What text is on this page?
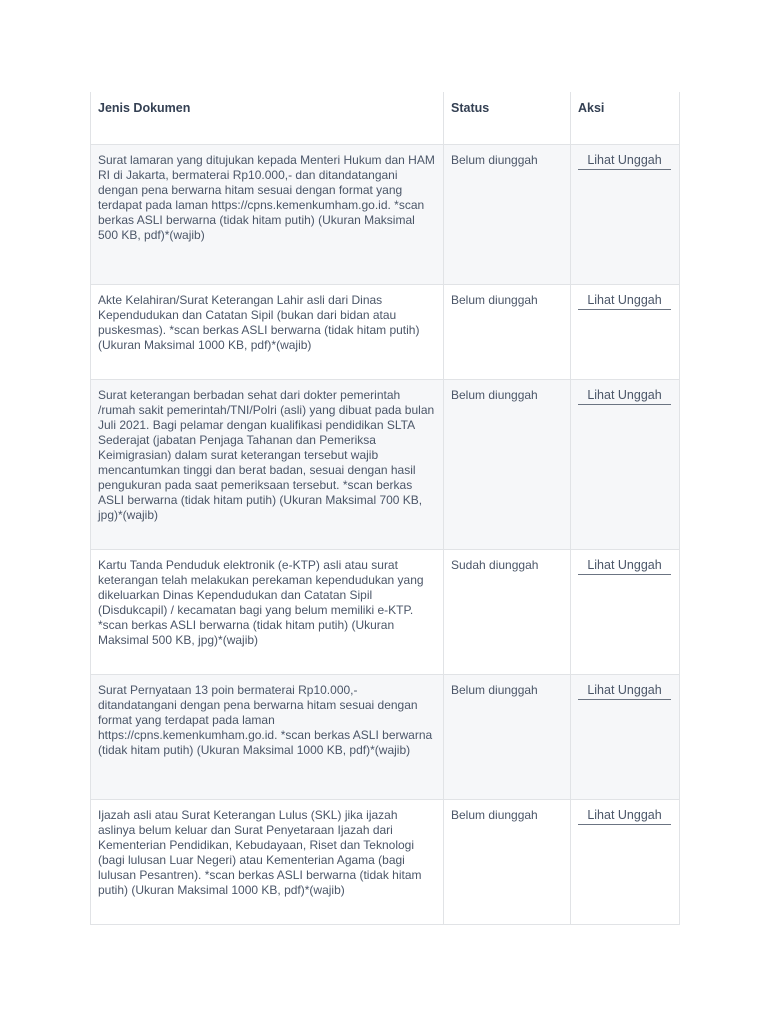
Jenis Dokumen	Status	Aksi
Surat lamaran yang ditujukan kepada Menteri Hukum dan HAM RI di Jakarta, bermaterai Rp10.000,- dan ditandatangani dengan pena berwarna hitam sesuai dengan format yang terdapat pada laman https://cpns.kemenkumham.go.id. *scan berkas ASLI berwarna (tidak hitam putih) (Ukuran Maksimal 500 KB, pdf)*(wajib)	Belum diunggah	Lihat Unggah
Akte Kelahiran/Surat Keterangan Lahir asli dari Dinas Kependudukan dan Catatan Sipil (bukan dari bidan atau puskesmas). *scan berkas ASLI berwarna (tidak hitam putih) (Ukuran Maksimal 1000 KB, pdf)*(wajib)	Belum diunggah	Lihat Unggah
Surat keterangan berbadan sehat dari dokter pemerintah /rumah sakit pemerintah/TNI/Polri (asli) yang dibuat pada bulan Juli 2021. Bagi pelamar dengan kualifikasi pendidikan SLTA Sederajat (jabatan Penjaga Tahanan dan Pemeriksa Keimigrasian) dalam surat keterangan tersebut wajib mencantumkan tinggi dan berat badan, sesuai dengan hasil pengukuran pada saat pemeriksaan tersebut. *scan berkas ASLI berwarna (tidak hitam putih) (Ukuran Maksimal 700 KB, jpg)*(wajib)	Belum diunggah	Lihat Unggah
Kartu Tanda Penduduk elektronik (e-KTP) asli atau surat keterangan telah melakukan perekaman kependudukan yang dikeluarkan Dinas Kependudukan dan Catatan Sipil (Disdukcapil) / kecamatan bagi yang belum memiliki e-KTP. *scan berkas ASLI berwarna (tidak hitam putih) (Ukuran Maksimal 500 KB, jpg)*(wajib)	Sudah diunggah	Lihat Unggah
Surat Pernyataan 13 poin bermaterai Rp10.000,- ditandatangani dengan pena berwarna hitam sesuai dengan format yang terdapat pada laman https://cpns.kemenkumham.go.id. *scan berkas ASLI berwarna (tidak hitam putih) (Ukuran Maksimal 1000 KB, pdf)*(wajib)	Belum diunggah	Lihat Unggah
Ijazah asli atau Surat Keterangan Lulus (SKL) jika ijazah aslinya belum keluar dan Surat Penyetaraan Ijazah dari Kementerian Pendidikan, Kebudayaan, Riset dan Teknologi (bagi lulusan Luar Negeri) atau Kementerian Agama (bagi lulusan Pesantren). *scan berkas ASLI berwarna (tidak hitam putih) (Ukuran Maksimal 1000 KB, pdf)*(wajib)	Belum diunggah	Lihat Unggah
